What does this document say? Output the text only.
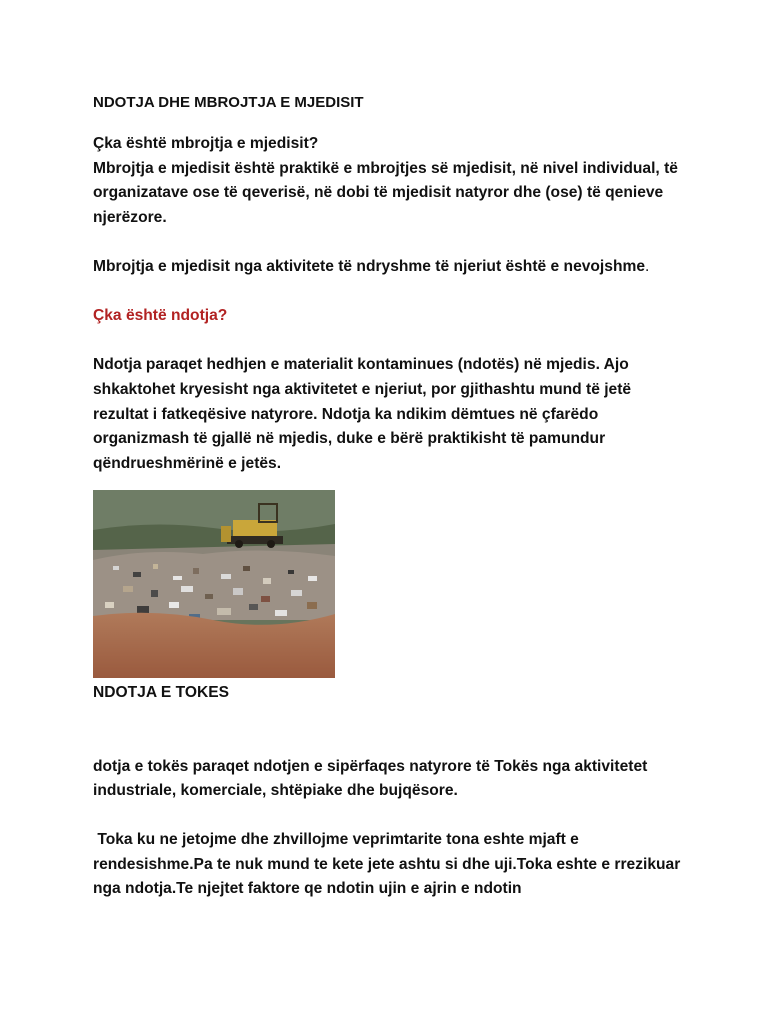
NDOTJA DHE MBROJTJA E MJEDISIT

Çka është mbrojtja e mjedisit?

Mbrojtja e mjedisit është praktikë e mbrojtjes së mjedisit, në nivel individual, të organizatave ose të qeverisë, në dobi të mjedisit natyror dhe (ose) të qenieve njerëzore.

Mbrojtja e mjedisit nga aktivitete të ndryshme të njeriut është e nevojshme.

Çka është ndotja?

Ndotja paraqet hedhjen e materialit kontaminues (ndotës) në mjedis. Ajo shkaktohet kryesisht nga aktivitetet e njeriut, por gjithashtu mund të jetë rezultat i fatkeqësive natyrore. Ndotja ka ndikim dëmtues në çfarëdo organizmash të gjallë në mjedis, duke e bërë praktikisht të pamundur qëndrueshmërinë e jetës.

NDOTJA E TOKES

dotja e tokës paraqet ndotjen e sipërfaqes natyrore të Tokës nga aktivitetet industriale, komerciale, shtëpiake dhe bujqësore.

Toka ku ne jetojme dhe zhvillojme veprimtarite tona eshte mjaft e rendesishme.Pa te nuk mund te kete jete ashtu si dhe uji.Toka eshte e rrezikuar nga ndotja.Te njejtet faktore qe ndotin ujin e ajrin e ndotin
